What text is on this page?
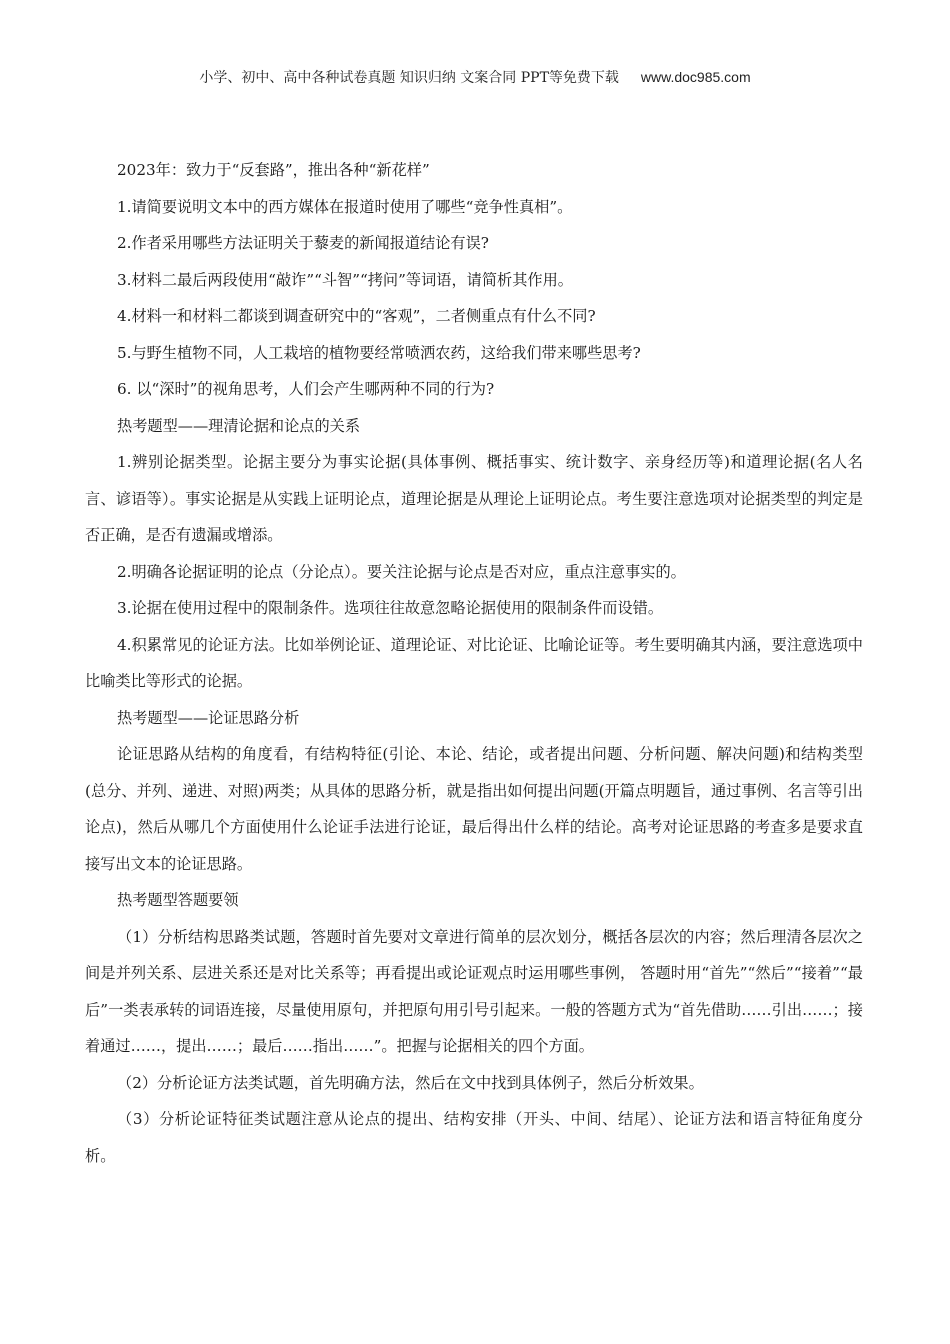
小学、初中、高中各种试卷真题 知识归纳 文案合同 PPT等免费下载 www.doc985.com

2023年：致力于“反套路”，推出各种“新花样”

1.请简要说明文本中的西方媒体在报道时使用了哪些“竞争性真相”。

2.作者采用哪些方法证明关于藜麦的新闻报道结论有误?

3.材料二最后两段使用“敲诈”“斗智”“拷问”等词语，请简析其作用。

4.材料一和材料二都谈到调查研究中的“客观”，二者侧重点有什么不同?

5.与野生植物不同，人工栽培的植物要经常喷洒农药，这给我们带来哪些思考?

6. 以“深时”的视角思考，人们会产生哪两种不同的行为?

热考题型——理清论据和论点的关系

1.辨别论据类型。论据主要分为事实论据(具体事例、概括事实、统计数字、亲身经历等)和道理论据(名人名言、谚语等）。事实论据是从实践上证明论点，道理论据是从理论上证明论点。考生要注意选项对论据类型的判定是否正确，是否有遗漏或增添。

2.明确各论据证明的论点（分论点）。要关注论据与论点是否对应，重点注意事实的。

3.论据在使用过程中的限制条件。选项往往故意忽略论据使用的限制条件而设错。

4.积累常见的论证方法。比如举例论证、道理论证、对比论证、比喻论证等。考生要明确其内涵，要注意选项中比喻类比等形式的论据。

热考题型——论证思路分析

论证思路从结构的角度看，有结构特征(引论、本论、结论，或者提出问题、分析问题、解决问题)和结构类型(总分、并列、递进、对照)两类；从具体的思路分析，就是指出如何提出问题(开篇点明题旨，通过事例、名言等引出论点)，然后从哪几个方面使用什么论证手法进行论证，最后得出什么样的结论。高考对论证思路的考查多是要求直接写出文本的论证思路。

热考题型答题要领

（1）分析结构思路类试题，答题时首先要对文章进行简单的层次划分，概括各层次的内容；然后理清各层次之间是并列关系、层进关系还是对比关系等；再看提出或论证观点时运用哪些事例， 答题时用“首先”“然后”“接着”“最后”一类表承转的词语连接，尽量使用原句，并把原句用引号引起来。一般的答题方式为“首先借助……引出……；接着通过……，提出……；最后……指出……”。把握与论据相关的四个方面。

（2）分析论证方法类试题，首先明确方法，然后在文中找到具体例子，然后分析效果。

（3）分析论证特征类试题注意从论点的提出、结构安排（开头、中间、结尾）、论证方法和语言特征角度分析。
